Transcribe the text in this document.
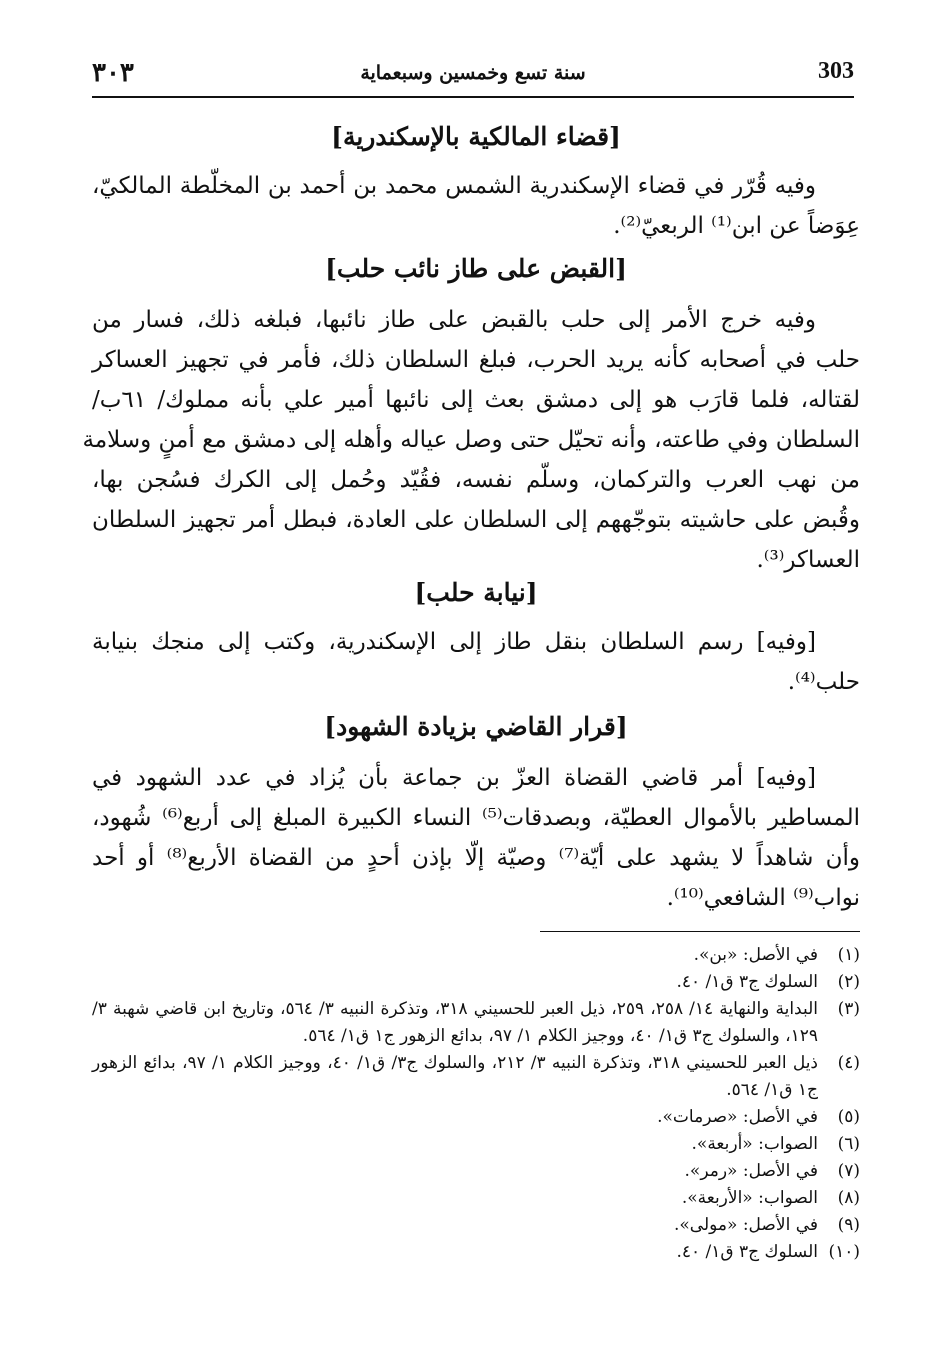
٣٠٣	سنة تسع وخمسين وسبعماية	303
[قضاء المالكية بالإسكندرية]
وفيه قُرّر في قضاء الإسكندرية الشمس محمد بن أحمد بن المخلّطة المالكيّ،
عِوَضاً عن ابن⁽¹⁾ الربعيّ⁽²⁾.
[القبض على طاز نائب حلب]
وفيه خرج الأمر إلى حلب بالقبض على طاز نائبها، فبلغه ذلك، فسار من
حلب في أصحابه كأنه يريد الحرب، فبلغ السلطان ذلك، فأمر في تجهيز العساكر
لقتاله، فلما قارَب هو إلى دمشق بعث إلى نائبها أمير علي بأنه مملوك/ ٦١ب/
السلطان وفي طاعته، وأنه تحيّل حتى وصل عياله وأهله إلى دمشق مع أمنٍ وسلامة
من نهب العرب والتركمان، وسلّم نفسه، فقُيّد وحُمل إلى الكرك فسُجن بها،
وقُبض على حاشيته بتوجّههم إلى السلطان على العادة، فبطل أمر تجهيز السلطان
العساكر⁽³⁾.
[نيابة حلب]
[وفيه] رسم السلطان بنقل طاز إلى الإسكندرية، وكتب إلى منجك بنيابة
حلب⁽⁴⁾.
[قرار القاضي بزيادة الشهود]
[وفيه] أمر قاضي القضاة العزّ بن جماعة بأن يُزاد في عدد الشهود في
المساطير بالأموال العطيّة، وبصدقات⁽⁵⁾ النساء الكبيرة المبلغ إلى أربع⁽⁶⁾ شُهود،
وأن شاهداً لا يشهد على أيّة⁽⁷⁾ وصيّة إلّا بإذن أحدٍ من القضاة الأربع⁽⁸⁾ أو أحد
نواب⁽⁹⁾ الشافعي⁽¹⁰⁾.
(١)
في الأصل: «بن».
(٢)
السلوك ج٣ ق١/ ٤٠.
(٣)
البداية والنهاية ١٤/ ٢٥٨، ٢٥٩، ذيل العبر للحسيني ٣١٨، وتذكرة النبيه ٣/ ٥٦٤، وتاريخ ابن قاضي شهبة ٣/ ١٢٩، والسلوك ج٣ ق١/ ٤٠، ووجيز الكلام ١/ ٩٧، بدائع الزهور ج١ ق١/ ٥٦٤.
(٤)
ذيل العبر للحسيني ٣١٨، وتذكرة النبيه ٣/ ٢١٢، والسلوك ج٣/ ق١/ ٤٠، ووجيز الكلام ١/ ٩٧، بدائع الزهور ج١ ق١/ ٥٦٤.
(٥)
في الأصل: «صرمات».
(٦)
الصواب: «أربعة».
(٧)
في الأصل: «رمر».
(٨)
الصواب: «الأربعة».
(٩)
في الأصل: «مولى».
(١٠)
السلوك ج٣ ق١/ ٤٠.
